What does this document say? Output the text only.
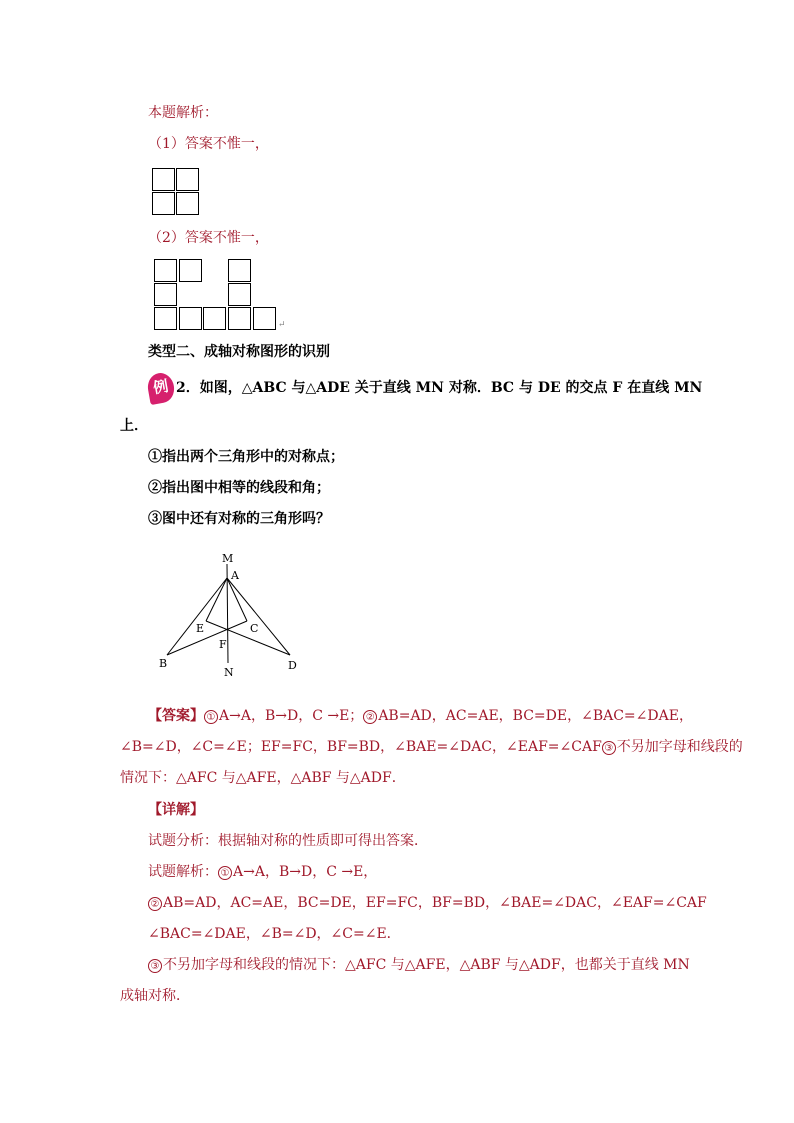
本题解析：
（1）答案不惟一，
（2）答案不惟一，
↵
类型二、成轴对称图形的识别
例 2．如图，△ABC 与△ADE 关于直线 MN 对称．BC 与 DE 的交点 F 在直线 MN
上．
①指出两个三角形中的对称点；
②指出图中相等的线段和角；
③图中还有对称的三角形吗？
M
A
E	C
F
B
N
D
【答案】 ① A→A，B→D，C →E； ② AB=AD，AC=AE，BC=DE，∠BAC=∠DAE，
∠B=∠D，∠C=∠E；EF=FC，BF=BD，∠BAE=∠DAC，∠EAF=∠CAF ③ 不另加字母和线段的
情况下：△AFC 与△AFE，△ABF 与△ADF．
【详解】
试题分析：根据轴对称的性质即可得出答案．
试题解析： ① A→A，B→D，C →E，
② AB=AD，AC=AE，BC=DE，EF=FC，BF=BD，∠BAE=∠DAC，∠EAF=∠CAF
∠BAC=∠DAE，∠B=∠D，∠C=∠E．
③ 不另加字母和线段的情况下：△AFC 与△AFE，△ABF 与△ADF，也都关于直线 MN
成轴对称．
